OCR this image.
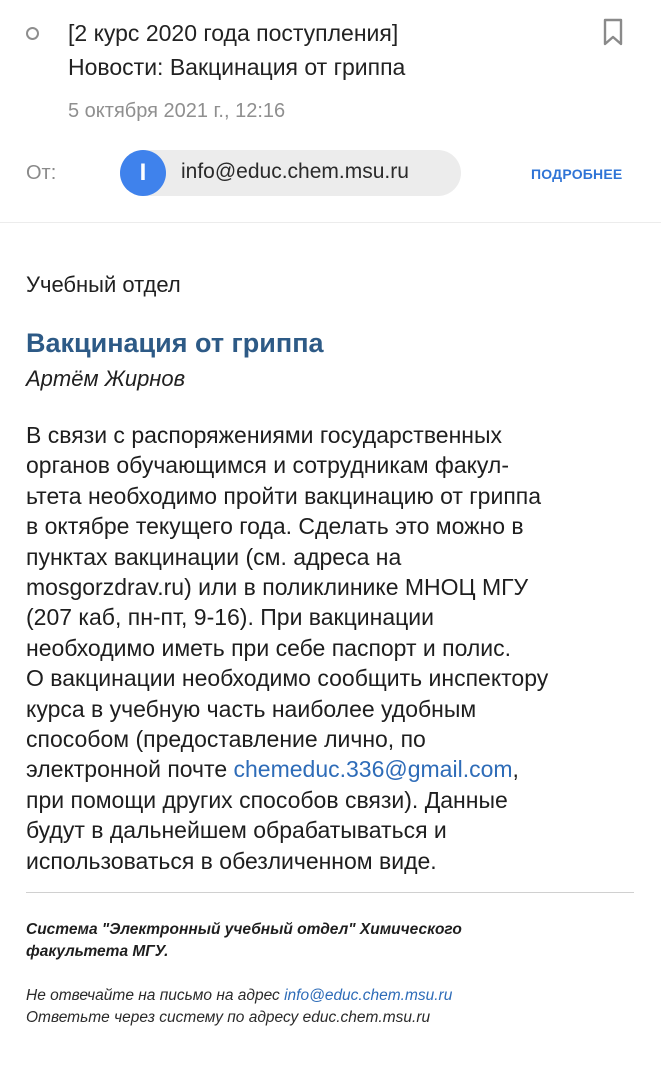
[2 курс 2020 года поступления]
Новости: Вакцинация от гриппа
5 октября 2021 г., 12:16
От:	I	info@educ.chem.msu.ru	ПОДРОБНЕЕ
Учебный отдел
Вакцинация от гриппа
Артём Жирнов
В связи с распоряжениями государственных
органов обучающимся и сотрудникам факул-
ьтета необходимо пройти вакцинацию от гриппа
в октябре текущего года. Сделать это можно в
пунктах вакцинации (см. адреса на
mosgorzdrav.ru) или в поликлинике МНОЦ МГУ
(207 каб, пн-пт, 9-16). При вакцинации
необходимо иметь при себе паспорт и полис.
О вакцинации необходимо сообщить инспектору
курса в учебную часть наиболее удобным
способом (предоставление лично, по
электронной почте chemeduc.336@gmail.com,
при помощи других способов связи). Данные
будут в дальнейшем обрабатываться и
использоваться в обезличенном виде.
Система "Электронный учебный отдел" Химического
факультета МГУ.
Не отвечайте на письмо на адрес info@educ.chem.msu.ru
Ответьте через систему по адресу educ.chem.msu.ru
